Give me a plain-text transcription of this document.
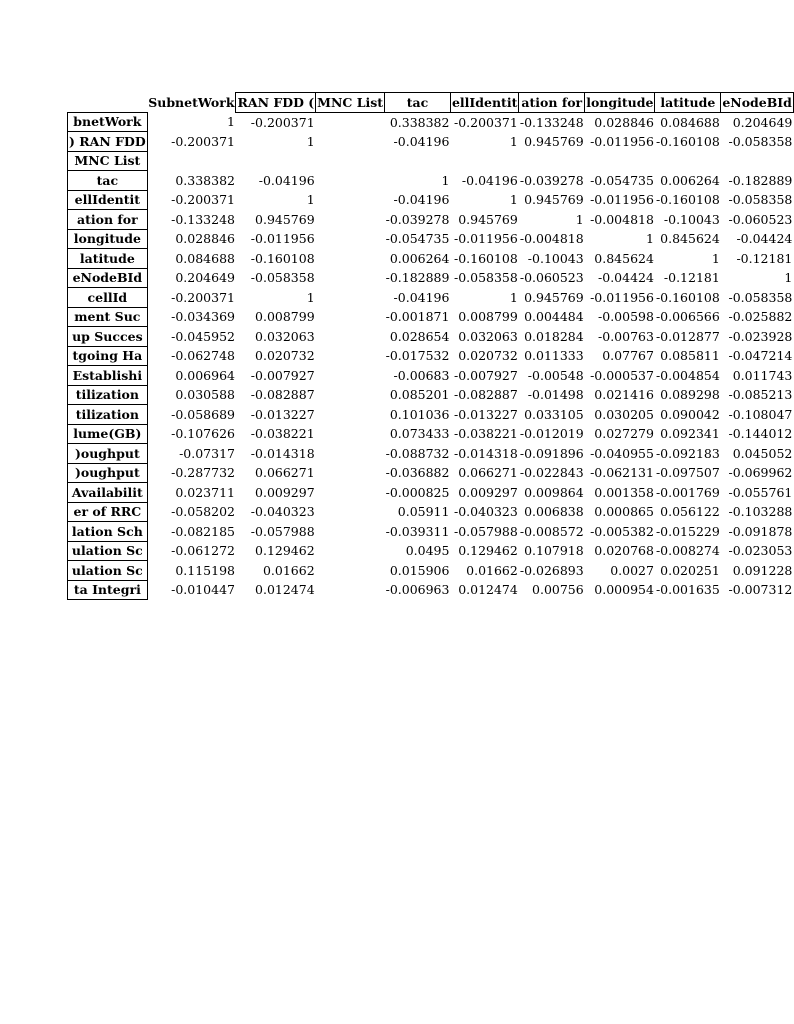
	SubnetWork	RAN FDD (	MNC List	tac	ellIdentit	ation for	longitude	latitude	eNodeBId
bnetWork	1	-0.200371		0.338382	-0.200371	-0.133248	0.028846	0.084688	0.204649
RAN FDD (	-0.200371	1		-0.04196	1	0.945769	-0.011956	-0.160108	-0.058358
MNC List									
tac	0.338382	-0.04196		1	-0.04196	-0.039278	-0.054735	0.006264	-0.182889
ellIdentit	-0.200371	1		-0.04196	1	0.945769	-0.011956	-0.160108	-0.058358
ation for	-0.133248	0.945769		-0.039278	0.945769	1	-0.004818	-0.10043	-0.060523
longitude	0.028846	-0.011956		-0.054735	-0.011956	-0.004818	1	0.845624	-0.04424
latitude	0.084688	-0.160108		0.006264	-0.160108	-0.10043	0.845624	1	-0.12181
eNodeBId	0.204649	-0.058358		-0.182889	-0.058358	-0.060523	-0.04424	-0.12181	1
cellId	-0.200371	1		-0.04196	1	0.945769	-0.011956	-0.160108	-0.058358
ment Suc	-0.034369	0.008799		-0.001871	0.008799	0.004484	-0.00598	-0.006566	-0.025882
up Succes	-0.045952	0.032063		0.028654	0.032063	0.018284	-0.00763	-0.012877	-0.023928
tgoing Ha	-0.062748	0.020732		-0.017532	0.020732	0.011333	0.07767	0.085811	-0.047214
Establishi	0.006964	-0.007927		-0.00683	-0.007927	-0.00548	-0.000537	-0.004854	0.011743
tilization	0.030588	-0.082887		0.085201	-0.082887	-0.01498	0.021416	0.089298	-0.085213
tilization	-0.058689	-0.013227		0.101036	-0.013227	0.033105	0.030205	0.090042	-0.108047
lume(GB)	-0.107626	-0.038221		0.073433	-0.038221	-0.012019	0.027279	0.092341	-0.144012
oughput(	-0.07317	-0.014318		-0.088732	-0.014318	-0.091896	-0.040955	-0.092183	0.045052
oughput(	-0.287732	0.066271		-0.036882	0.066271	-0.022843	-0.062131	-0.097507	-0.069962
Availabilit	0.023711	0.009297		-0.000825	0.009297	0.009864	0.001358	-0.001769	-0.055761
er of RRC	-0.058202	-0.040323		0.05911	-0.040323	0.006838	0.000865	0.056122	-0.103288
lation Sch	-0.082185	-0.057988		-0.039311	-0.057988	-0.008572	-0.005382	-0.015229	-0.091878
ulation Sc	-0.061272	0.129462		0.0495	0.129462	0.107918	0.020768	-0.008274	-0.023053
ulation Sc	0.115198	0.01662		0.015906	0.01662	-0.026893	0.0027	0.020251	0.091228
ta Integri	-0.010447	0.012474		-0.006963	0.012474	0.00756	0.000954	-0.001635	-0.007312
